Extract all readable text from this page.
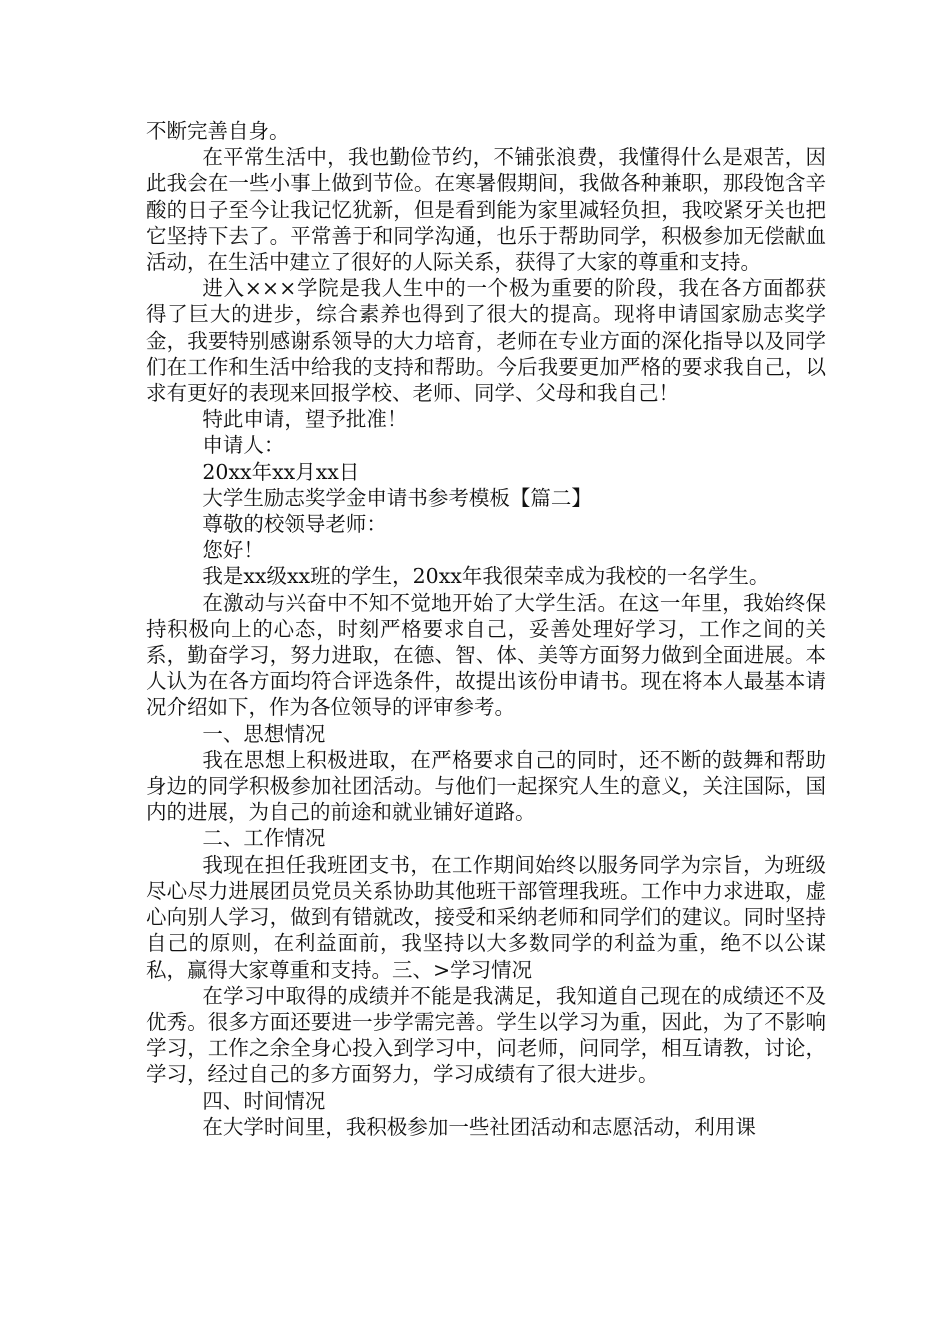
不断完善自身。

在平常生活中，我也勤俭节约，不铺张浪费，我懂得什么是艰苦，因此我会在一些小事上做到节俭。在寒暑假期间，我做各种兼职，那段饱含辛酸的日子至今让我记忆犹新，但是看到能为家里减轻负担，我咬紧牙关也把它坚持下去了。平常善于和同学沟通，也乐于帮助同学，积极参加无偿献血活动，在生活中建立了很好的人际关系，获得了大家的尊重和支持。

进入×××学院是我人生中的一个极为重要的阶段，我在各方面都获得了巨大的进步，综合素养也得到了很大的提高。现将申请国家励志奖学金，我要特别感谢系领导的大力培育，老师在专业方面的深化指导以及同学们在工作和生活中给我的支持和帮助。今后我要更加严格的要求我自己，以求有更好的表现来回报学校、老师、同学、父母和我自己！

特此申请，望予批准！

申请人：

20xx年xx月xx日

大学生励志奖学金申请书参考模板【篇二】

尊敬的校领导老师：

您好！

我是xx级xx班的学生，20xx年我很荣幸成为我校的一名学生。

在激动与兴奋中不知不觉地开始了大学生活。在这一年里，我始终保持积极向上的心态，时刻严格要求自己，妥善处理好学习，工作之间的关系，勤奋学习，努力进取，在德、智、体、美等方面努力做到全面进展。本人认为在各方面均符合评选条件，故提出该份申请书。现在将本人最基本请况介绍如下，作为各位领导的评审参考。

一、思想情况

我在思想上积极进取，在严格要求自己的同时，还不断的鼓舞和帮助身边的同学积极参加社团活动。与他们一起探究人生的意义，关注国际，国内的进展，为自己的前途和就业铺好道路。

二、工作情况

我现在担任我班团支书，在工作期间始终以服务同学为宗旨，为班级尽心尽力进展团员党员关系协助其他班干部管理我班。工作中力求进取，虚心向别人学习，做到有错就改，接受和采纳老师和同学们的建议。同时坚持自己的原则，在利益面前，我坚持以大多数同学的利益为重，绝不以公谋私，赢得大家尊重和支持。三、>学习情况

在学习中取得的成绩并不能是我满足，我知道自己现在的成绩还不及优秀。很多方面还要进一步学需完善。学生以学习为重，因此，为了不影响学习，工作之余全身心投入到学习中，问老师，问同学，相互请教，讨论，学习，经过自己的多方面努力，学习成绩有了很大进步。

四、时间情况

在大学时间里，我积极参加一些社团活动和志愿活动，利用课
